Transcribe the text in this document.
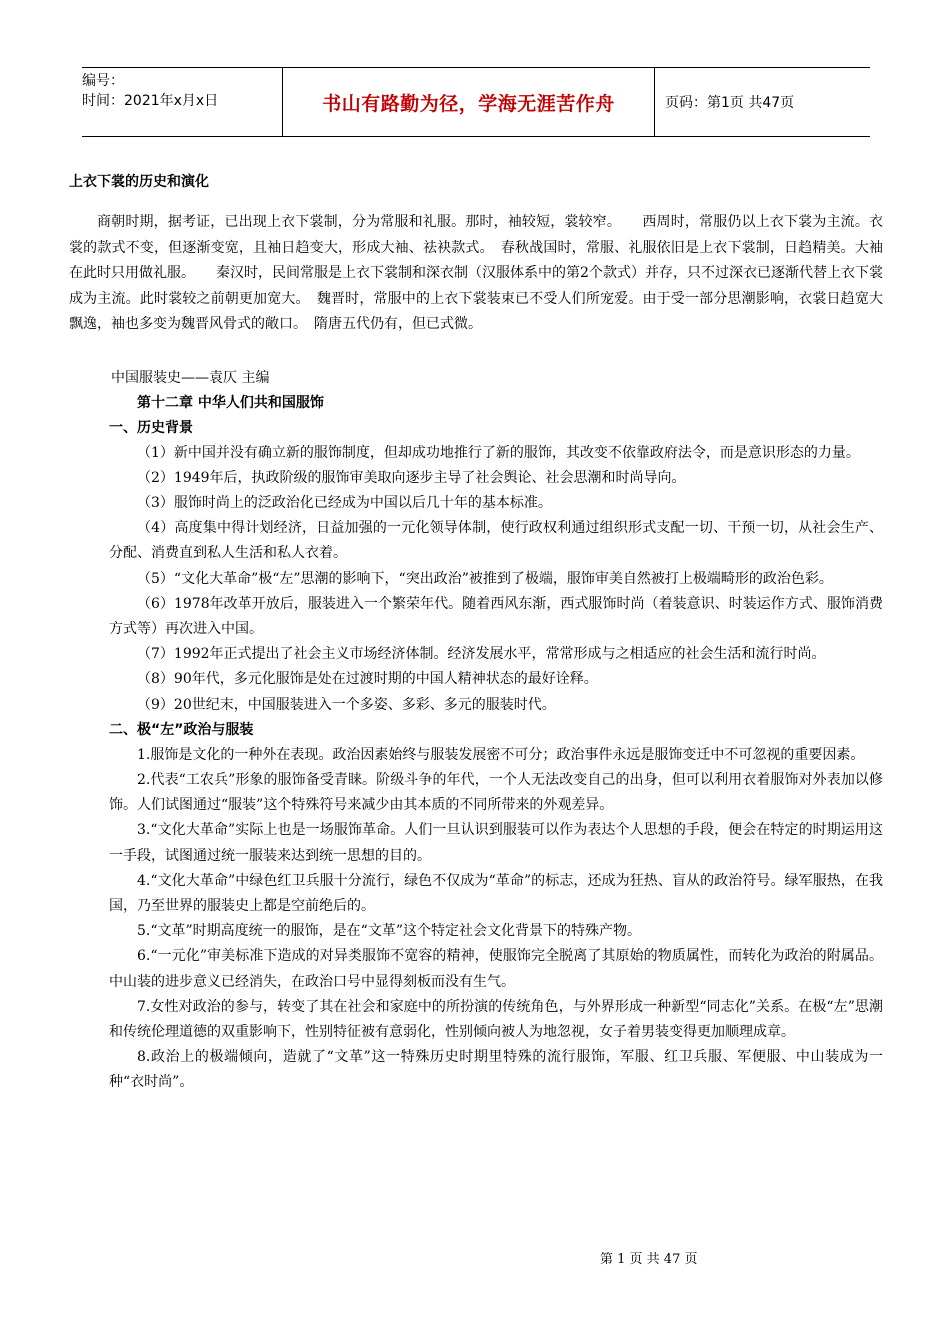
编号：
时间：2021年x月x日	书山有路勤为径，学海无涯苦作舟	页码：第1页 共47页
上衣下裳的历史和演化

商朝时期，据考证，已出现上衣下裳制，分为常服和礼服。那时，袖较短，裳较窄。　　西周时，常服仍以上衣下裳为主流。衣裳的款式不变，但逐渐变宽，且袖日趋变大，形成大袖、祛袂款式。　春秋战国时，常服、礼服依旧是上衣下裳制，日趋精美。大袖在此时只用做礼服。　　秦汉时，民间常服是上衣下裳制和深衣制（汉服体系中的第2个款式）并存，只不过深衣已逐渐代替上衣下裳成为主流。此时裳较之前朝更加宽大。　魏晋时，常服中的上衣下裳装束已不受人们所宠爱。由于受一部分思潮影响，衣裳日趋宽大飘逸，袖也多变为魏晋风骨式的敞口。　隋唐五代仍有，但已式微。

中国服装史——袁仄 主编

第十二章 中华人们共和国服饰

一、历史背景

（1）新中国并没有确立新的服饰制度，但却成功地推行了新的服饰，其改变不依靠政府法令，而是意识形态的力量。

（2）1949年后，执政阶级的服饰审美取向逐步主导了社会舆论、社会思潮和时尚导向。

（3）服饰时尚上的泛政治化已经成为中国以后几十年的基本标准。

（4）高度集中得计划经济，日益加强的一元化领导体制，使行政权利通过组织形式支配一切、干预一切，从社会生产、分配、消费直到私人生活和私人衣着。

（5）“文化大革命”极“左”思潮的影响下，“突出政治”被推到了极端，服饰审美自然被打上极端畸形的政治色彩。

（6）1978年改革开放后，服装进入一个繁荣年代。随着西风东渐，西式服饰时尚（着装意识、时装运作方式、服饰消费方式等）再次进入中国。

（7）1992年正式提出了社会主义市场经济体制。经济发展水平，常常形成与之相适应的社会生活和流行时尚。

（8）90年代，多元化服饰是处在过渡时期的中国人精神状态的最好诠释。

（9）20世纪末，中国服装进入一个多姿、多彩、多元的服装时代。

二、极“左”政治与服装

1.服饰是文化的一种外在表现。政治因素始终与服装发展密不可分；政治事件永远是服饰变迁中不可忽视的重要因素。

2.代表“工农兵”形象的服饰备受青睐。阶级斗争的年代，一个人无法改变自己的出身，但可以利用衣着服饰对外表加以修饰。人们试图通过“服装”这个特殊符号来减少由其本质的不同所带来的外观差异。

3.“文化大革命”实际上也是一场服饰革命。人们一旦认识到服装可以作为表达个人思想的手段，便会在特定的时期运用这一手段，试图通过统一服装来达到统一思想的目的。

4.“文化大革命”中绿色红卫兵服十分流行，绿色不仅成为“革命”的标志，还成为狂热、盲从的政治符号。绿军服热，在我国，乃至世界的服装史上都是空前绝后的。

5.“文革”时期高度统一的服饰，是在“文革”这个特定社会文化背景下的特殊产物。

6.“一元化”审美标准下造成的对异类服饰不宽容的精神，使服饰完全脱离了其原始的物质属性，而转化为政治的附属品。中山装的进步意义已经消失，在政治口号中显得刻板而没有生气。

7.女性对政治的参与，转变了其在社会和家庭中的所扮演的传统角色，与外界形成一种新型“同志化”关系。在极“左”思潮和传统伦理道德的双重影响下，性别特征被有意弱化，性别倾向被人为地忽视，女子着男装变得更加顺理成章。

8.政治上的极端倾向，造就了“文革”这一特殊历史时期里特殊的流行服饰，军服、红卫兵服、军便服、中山装成为一种“衣时尚”。

第 1 页 共 47 页
